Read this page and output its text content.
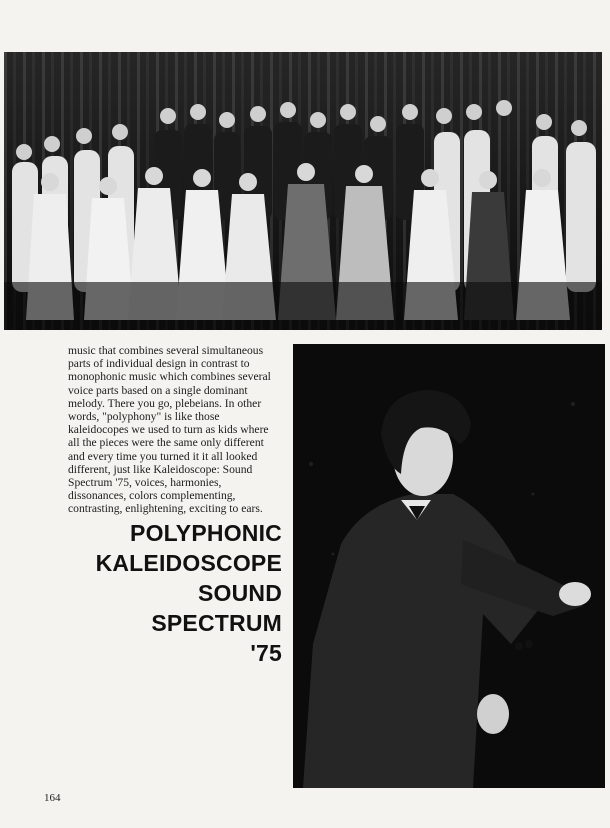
music that combines several simultaneous parts of individual design in contrast to monophonic music which combines several voice parts based on a single dominant melody. There you go, plebeians. In other words, "polyphony" is like those kaleidocopes we used to turn as kids where all the pieces were the same only different and every time you turned it it all looked different, just like Kaleidoscope: Sound Spectrum '75, voices, harmonies, dissonances, colors complementing, contrasting, enlightening, exciting to ears.
POLYPHONIC
KALEIDOSCOPE
SOUND
SPECTRUM
'75
164
